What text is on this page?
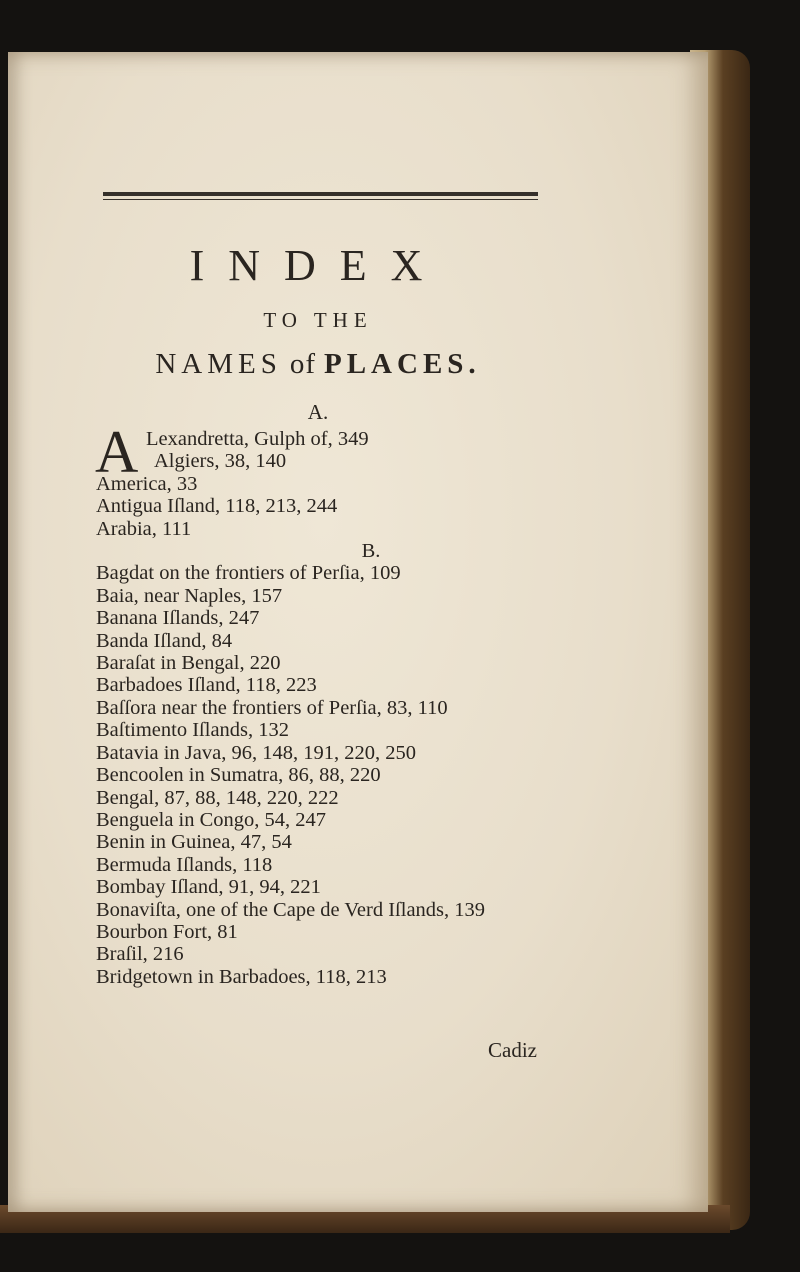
INDEX
TO THE
NAMES of PLACES.
A.
A Lexandretta, Gulph of, 349
Algiers, 38, 140
America, 33
Antigua Iſland, 118, 213, 244
Arabia, 111
B.
Bagdat on the frontiers of Perſia, 109
Baia, near Naples, 157
Banana Iſlands, 247
Banda Iſland, 84
Baraſat in Bengal, 220
Barbadoes Iſland, 118, 223
Baſſora near the frontiers of Perſia, 83, 110
Baſtimento Iſlands, 132
Batavia in Java, 96, 148, 191, 220, 250
Bencoolen in Sumatra, 86, 88, 220
Bengal, 87, 88, 148, 220, 222
Benguela in Congo, 54, 247
Benin in Guinea, 47, 54
Bermuda Iſlands, 118
Bombay Iſland, 91, 94, 221
Bonaviſta, one of the Cape de Verd Iſlands, 139
Bourbon Fort, 81
Braſil, 216
Bridgetown in Barbadoes, 118, 213
Cadiz
